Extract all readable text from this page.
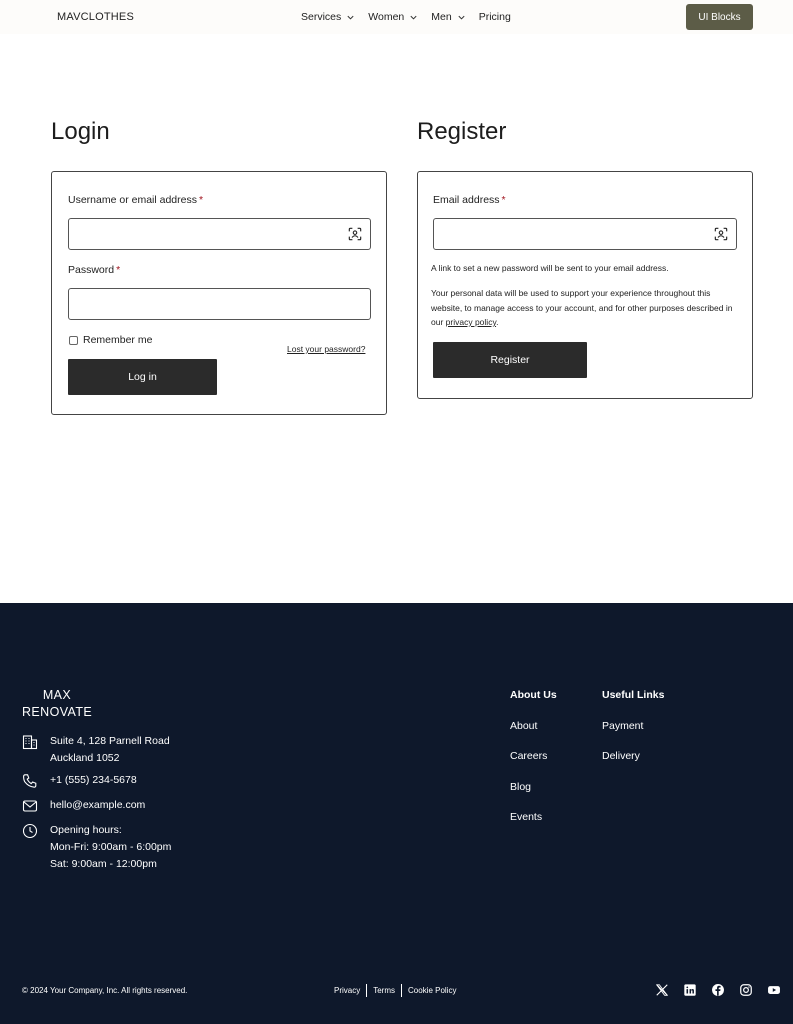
MAVCLOTHES	Services	Women	Men	Pricing	UI Blocks
Login
Username or email address *
Password *
Remember me
Lost your password?
Log in
Register
Email address *
A link to set a new password will be sent to your email address.
Your personal data will be used to support your experience throughout this website, to manage access to your account, and for other purposes described in our privacy policy.
Register
MAX
RENOVATE
Suite 4, 128 Parnell Road
Auckland 1052
+1 (555) 234-5678
hello@example.com
Opening hours:
Mon-Fri: 9:00am - 6:00pm
Sat: 9:00am - 12:00pm
About Us
About
Careers
Blog
Events
Useful Links
Payment
Delivery
© 2024 Your Company, Inc. All rights reserved.	Privacy Terms Cookie Policy
